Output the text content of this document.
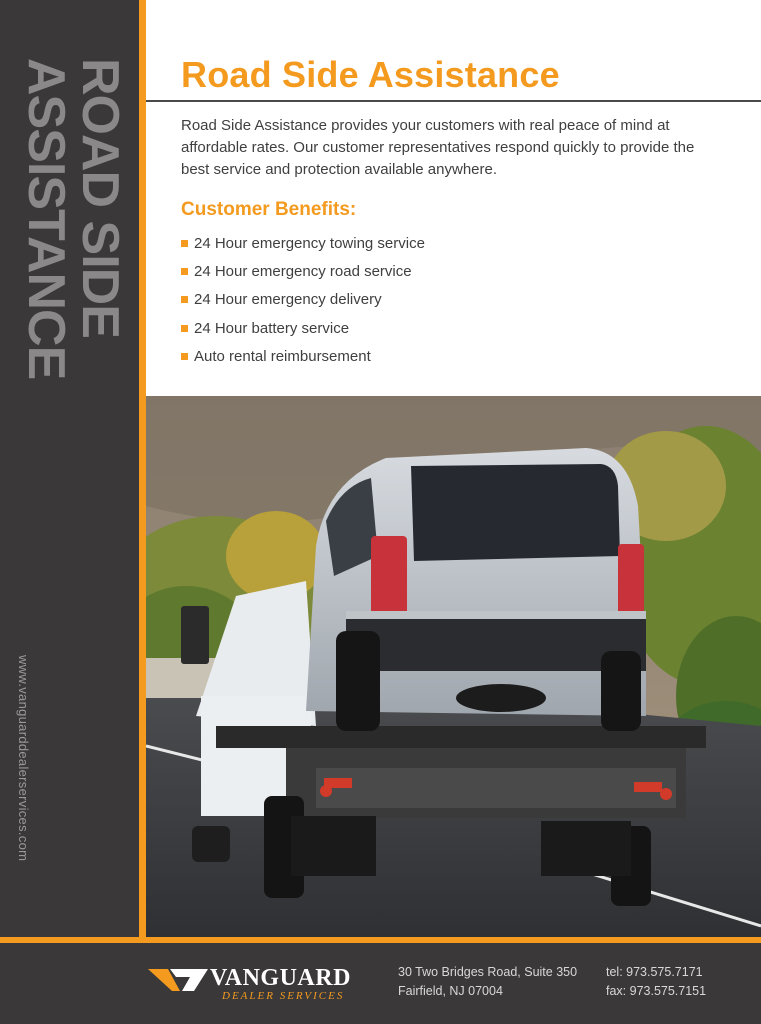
ROAD SIDE
ASSISTANCE
www.vanguarddealerservices.com
Road Side Assistance

Road Side Assistance provides your customers with real peace of mind at affordable rates. Our customer representatives respond quickly to provide the best service and protection available anywhere.

Customer Benefits:
24 Hour emergency towing service
24 Hour emergency road service
24 Hour emergency delivery
24 Hour battery service
Auto rental reimbursement
VANGUARD
DEALER SERVICES
30 Two Bridges Road, Suite 350
Fairfield, NJ 07004
tel: 973.575.7171
fax: 973.575.7151
